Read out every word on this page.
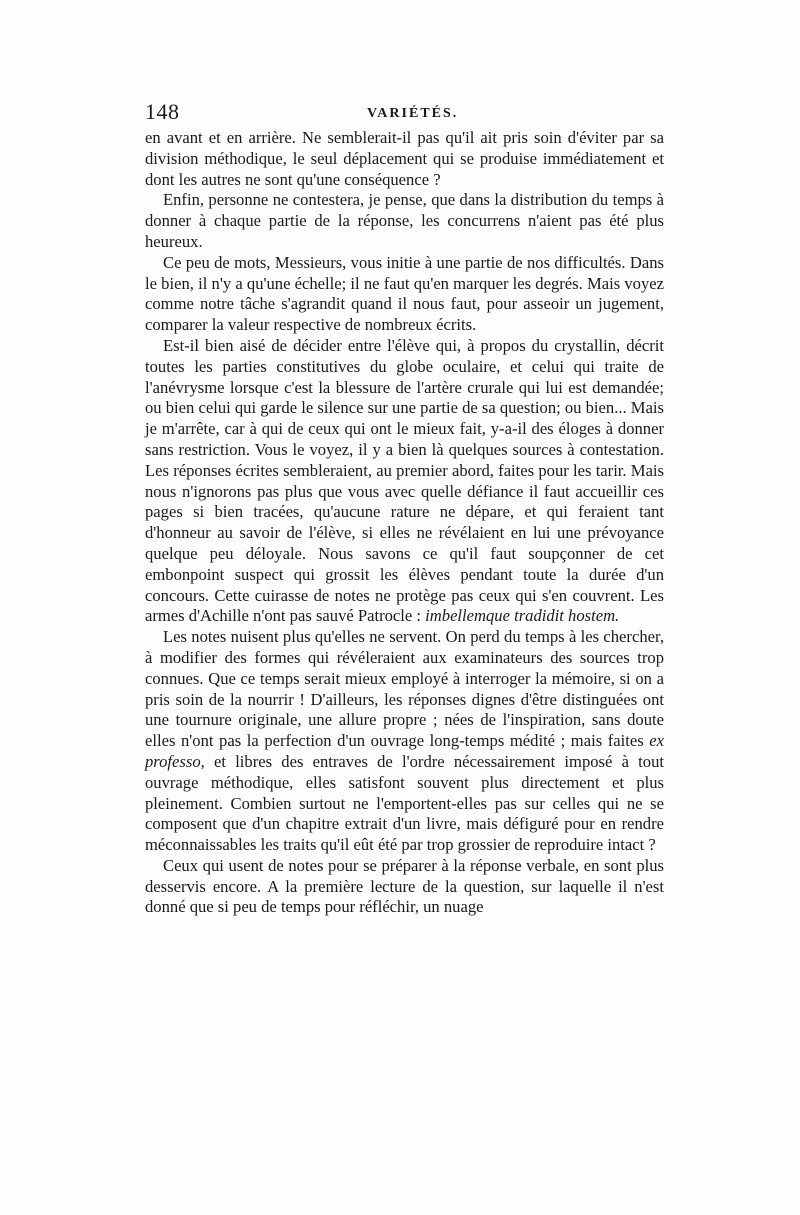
148	VARIÉTÉS.

en avant et en arrière. Ne semblerait-il pas qu'il ait pris soin d'éviter par sa division méthodique, le seul déplacement qui se produise immédiatement et dont les autres ne sont qu'une conséquence ?

Enfin, personne ne contestera, je pense, que dans la distribution du temps à donner à chaque partie de la réponse, les concurrens n'aient pas été plus heureux.

Ce peu de mots, Messieurs, vous initie à une partie de nos difficultés. Dans le bien, il n'y a qu'une échelle; il ne faut qu'en marquer les degrés. Mais voyez comme notre tâche s'agrandit quand il nous faut, pour asseoir un jugement, comparer la valeur respective de nombreux écrits.

Est-il bien aisé de décider entre l'élève qui, à propos du crystallin, décrit toutes les parties constitutives du globe oculaire, et celui qui traite de l'anévrysme lorsque c'est la blessure de l'artère crurale qui lui est demandée; ou bien celui qui garde le silence sur une partie de sa question; ou bien... Mais je m'arrête, car à qui de ceux qui ont le mieux fait, y-a-il des éloges à donner sans restriction. Vous le voyez, il y a bien là quelques sources à contestation. Les réponses écrites sembleraient, au premier abord, faites pour les tarir. Mais nous n'ignorons pas plus que vous avec quelle défiance il faut accueillir ces pages si bien tracées, qu'aucune rature ne dépare, et qui feraient tant d'honneur au savoir de l'élève, si elles ne révélaient en lui une prévoyance quelque peu déloyale. Nous savons ce qu'il faut soupçonner de cet embonpoint suspect qui grossit les élèves pendant toute la durée d'un concours. Cette cuirasse de notes ne protège pas ceux qui s'en couvrent. Les armes d'Achille n'ont pas sauvé Patrocle : imbellemque tradidit hostem.

Les notes nuisent plus qu'elles ne servent. On perd du temps à les chercher, à modifier des formes qui révéleraient aux examinateurs des sources trop connues. Que ce temps serait mieux employé à interroger la mémoire, si on a pris soin de la nourrir ! D'ailleurs, les réponses dignes d'être distinguées ont une tournure originale, une allure propre ; nées de l'inspiration, sans doute elles n'ont pas la perfection d'un ouvrage long-temps médité ; mais faites ex professo, et libres des entraves de l'ordre nécessairement imposé à tout ouvrage méthodique, elles satisfont souvent plus directement et plus pleinement. Combien surtout ne l'emportent-elles pas sur celles qui ne se composent que d'un chapitre extrait d'un livre, mais défiguré pour en rendre méconnaissables les traits qu'il eût été par trop grossier de reproduire intact ?

Ceux qui usent de notes pour se préparer à la réponse verbale, en sont plus desservis encore. A la première lecture de la question, sur laquelle il n'est donné que si peu de temps pour réfléchir, un nuage
